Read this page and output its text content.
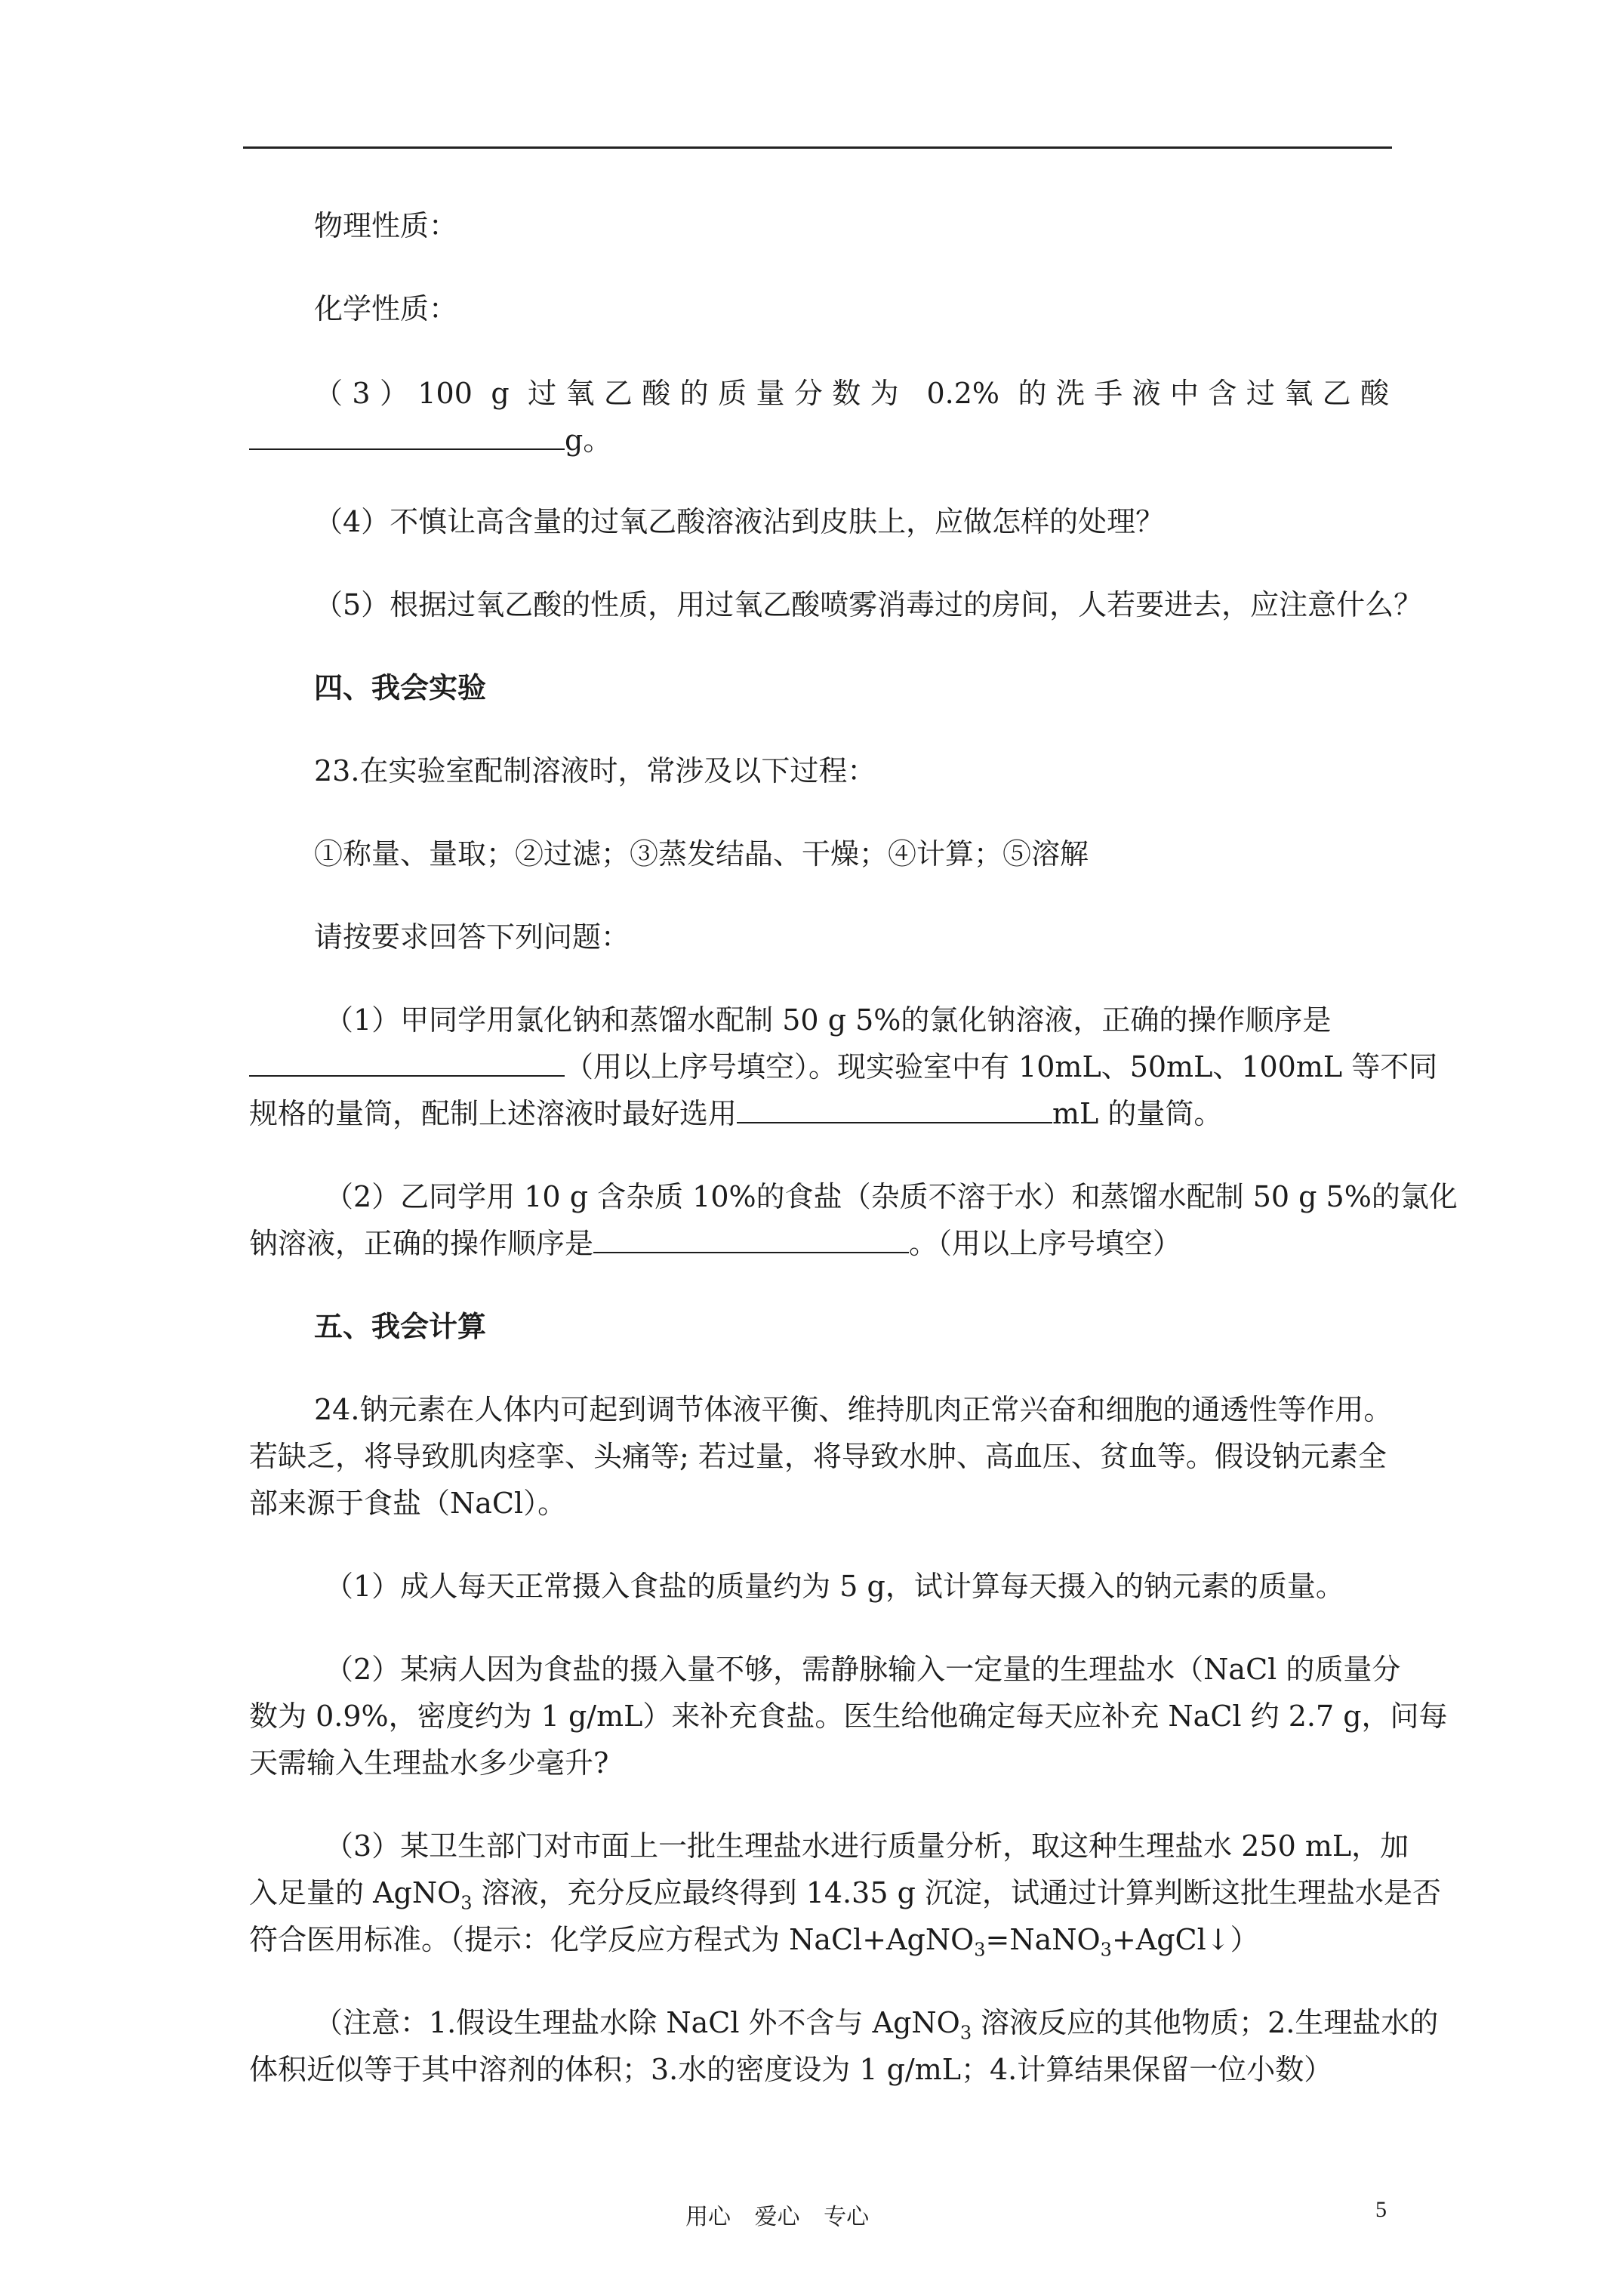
物理性质：
化学性质：
（3）100 g 过氧乙酸的质量分数为 0.2% 的洗手液中含过氧乙酸
g。
（4）不慎让高含量的过氧乙酸溶液沾到皮肤上，应做怎样的处理？
（5）根据过氧乙酸的性质，用过氧乙酸喷雾消毒过的房间，人若要进去，应注意什么？
四、我会实验
23.在实验室配制溶液时，常涉及以下过程：
①称量、量取；②过滤；③蒸发结晶、干燥；④计算；⑤溶解
请按要求回答下列问题：
（1）甲同学用氯化钠和蒸馏水配制 50 g 5%的氯化钠溶液，正确的操作顺序是
（用以上序号填空）。现实验室中有 10mL、50mL、100mL 等不同
规格的量筒，配制上述溶液时最好选用	mL 的量筒。
（2）乙同学用 10 g 含杂质 10%的食盐（杂质不溶于水）和蒸馏水配制 50 g 5%的氯化
钠溶液，正确的操作顺序是	。（用以上序号填空）
五、我会计算
24.钠元素在人体内可起到调节体液平衡、维持肌肉正常兴奋和细胞的通透性等作用。
若缺乏，将导致肌肉痉挛、头痛等; 若过量，将导致水肿、高血压、贫血等。假设钠元素全
部来源于食盐（NaCl）。
（1）成人每天正常摄入食盐的质量约为 5 g，试计算每天摄入的钠元素的质量。
（2）某病人因为食盐的摄入量不够，需静脉输入一定量的生理盐水（NaCl 的质量分
数为 0.9%，密度约为 1 g/mL）来补充食盐。医生给他确定每天应补充 NaCl 约 2.7 g，问每
天需输入生理盐水多少毫升?
（3）某卫生部门对市面上一批生理盐水进行质量分析，取这种生理盐水 250 mL，加
入足量的 AgNO$_3$ 溶液，充分反应最终得到 14.35 g 沉淀，试通过计算判断这批生理盐水是否
符合医用标准。（提示：化学反应方程式为 NaCl+AgNO$_3$=NaNO$_3$+AgCl↓）
（注意：1.假设生理盐水除 NaCl 外不含与 AgNO$_3$ 溶液反应的其他物质；2.生理盐水的
体积近似等于其中溶剂的体积；3.水的密度设为 1 g/mL；4.计算结果保留一位小数）
用心 爱心 专心	5
